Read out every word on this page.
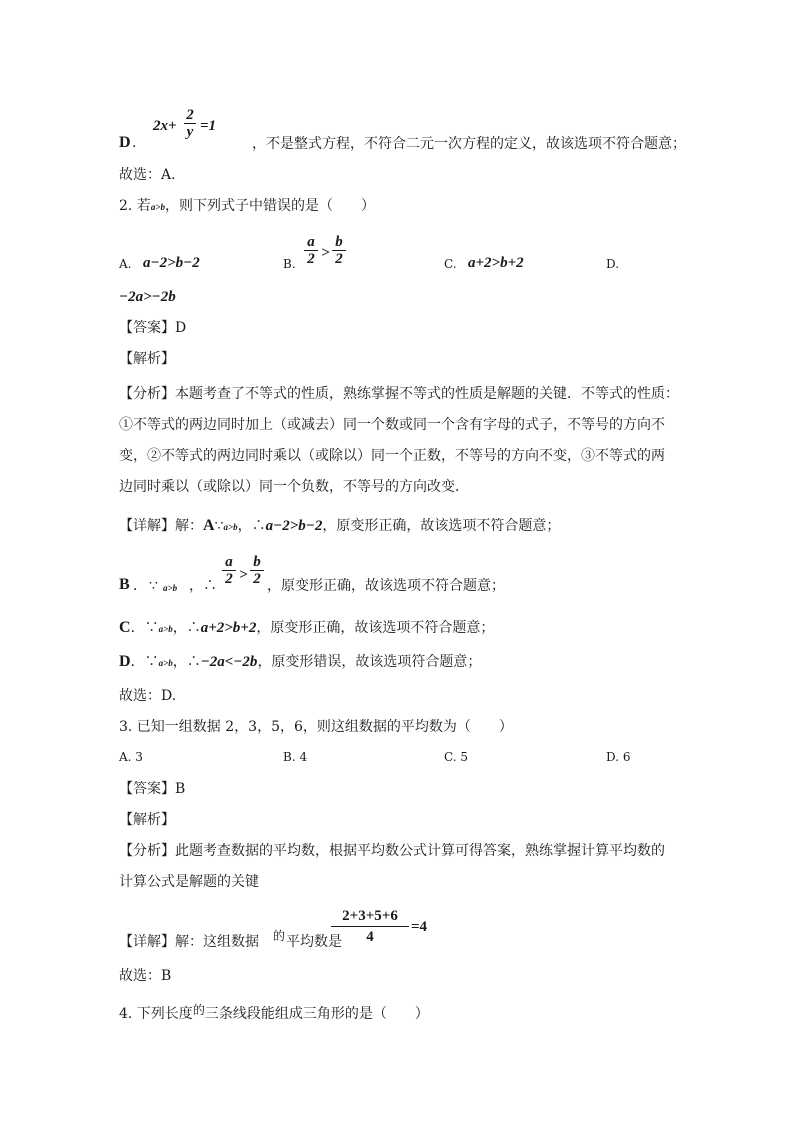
D .
$2x+ \frac{2}{y} =1$
，不是整式方程，不符合二元一次方程的定义，故该选项不符合题意；
故选：A.
2. 若a>b，则下列式子中错误的是（　　）
A. a−2>b−2	B. $\frac{a}{2} > \frac{b}{2}$	C. a+2>b+2	D.
−2a>−2b
【答案】D
【解析】
【分析】本题考查了不等式的性质，熟练掌握不等式的性质是解题的关键．不等式的性质：
①不等式的两边同时加上（或减去）同一个数或同一个含有字母的式子，不等号的方向不
变，②不等式的两边同时乘以（或除以）同一个正数，不等号的方向不变，③不等式的两
边同时乘以（或除以）同一个负数，不等号的方向改变．
【详解】解：A∵a>b，∴a−2>b−2，原变形正确，故该选项不符合题意；
B ． ∵ a>b ，∴ $\frac{a}{2} > \frac{b}{2}$ ，原变形正确，故该选项不符合题意；
C．∵a>b，∴a+2>b+2，原变形正确，故该选项不符合题意；
D．∵a>b，∴−2a<−2b，原变形错误，故该选项符合题意；
故选：D.
3. 已知一组数据 2，3，5，6，则这组数据的平均数为（　　）
A. 3	B. 4	C. 5	D. 6
【答案】B
【解析】
【分析】此题考查数据的平均数，根据平均数公式计算可得答案，熟练掌握计算平均数的
计算公式是解题的关键
【详解】解：这组数据 的 平均数是
$\frac{2+3+5+6}{4} =4$
故选：B
4. 下列长度的三条线段能组成三角形的是（　　）
